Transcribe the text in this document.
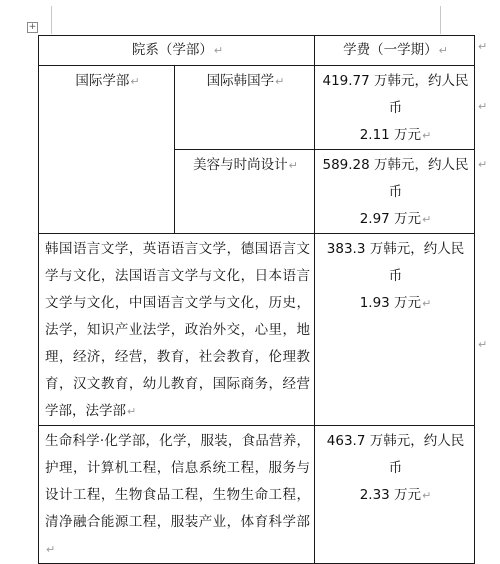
+
院系（学部）↵		学费（一学期）↵
国际学部↵	国际韩国学↵	419.77 万韩元，约人民币
2.11 万元↵

	美容与时尚设计↵	589.28 万韩元，约人民币
2.97 万元↵

韩国语言文学，英语语言文学，德国语言文学与文化，法国语言文学与文化，日本语言文学与文化，中国语言文学与文化，历史，法学，知识产业法学，政治外交，心里，地理，经济，经营，教育，社会教育，伦理教育，汉文教育，幼儿教育，国际商务，经营学部，法学部↵		383.3 万韩元，约人民币
1.93 万元↵

生命科学·化学部，化学，服装，食品营养，护理，计算机工程，信息系统工程，服务与设计工程，生物食品工程，生物生命工程，清净融合能源工程，服装产业，体育科学部↵		463.7 万韩元，约人民币
2.33 万元↵
↵
↵
↵
↵
